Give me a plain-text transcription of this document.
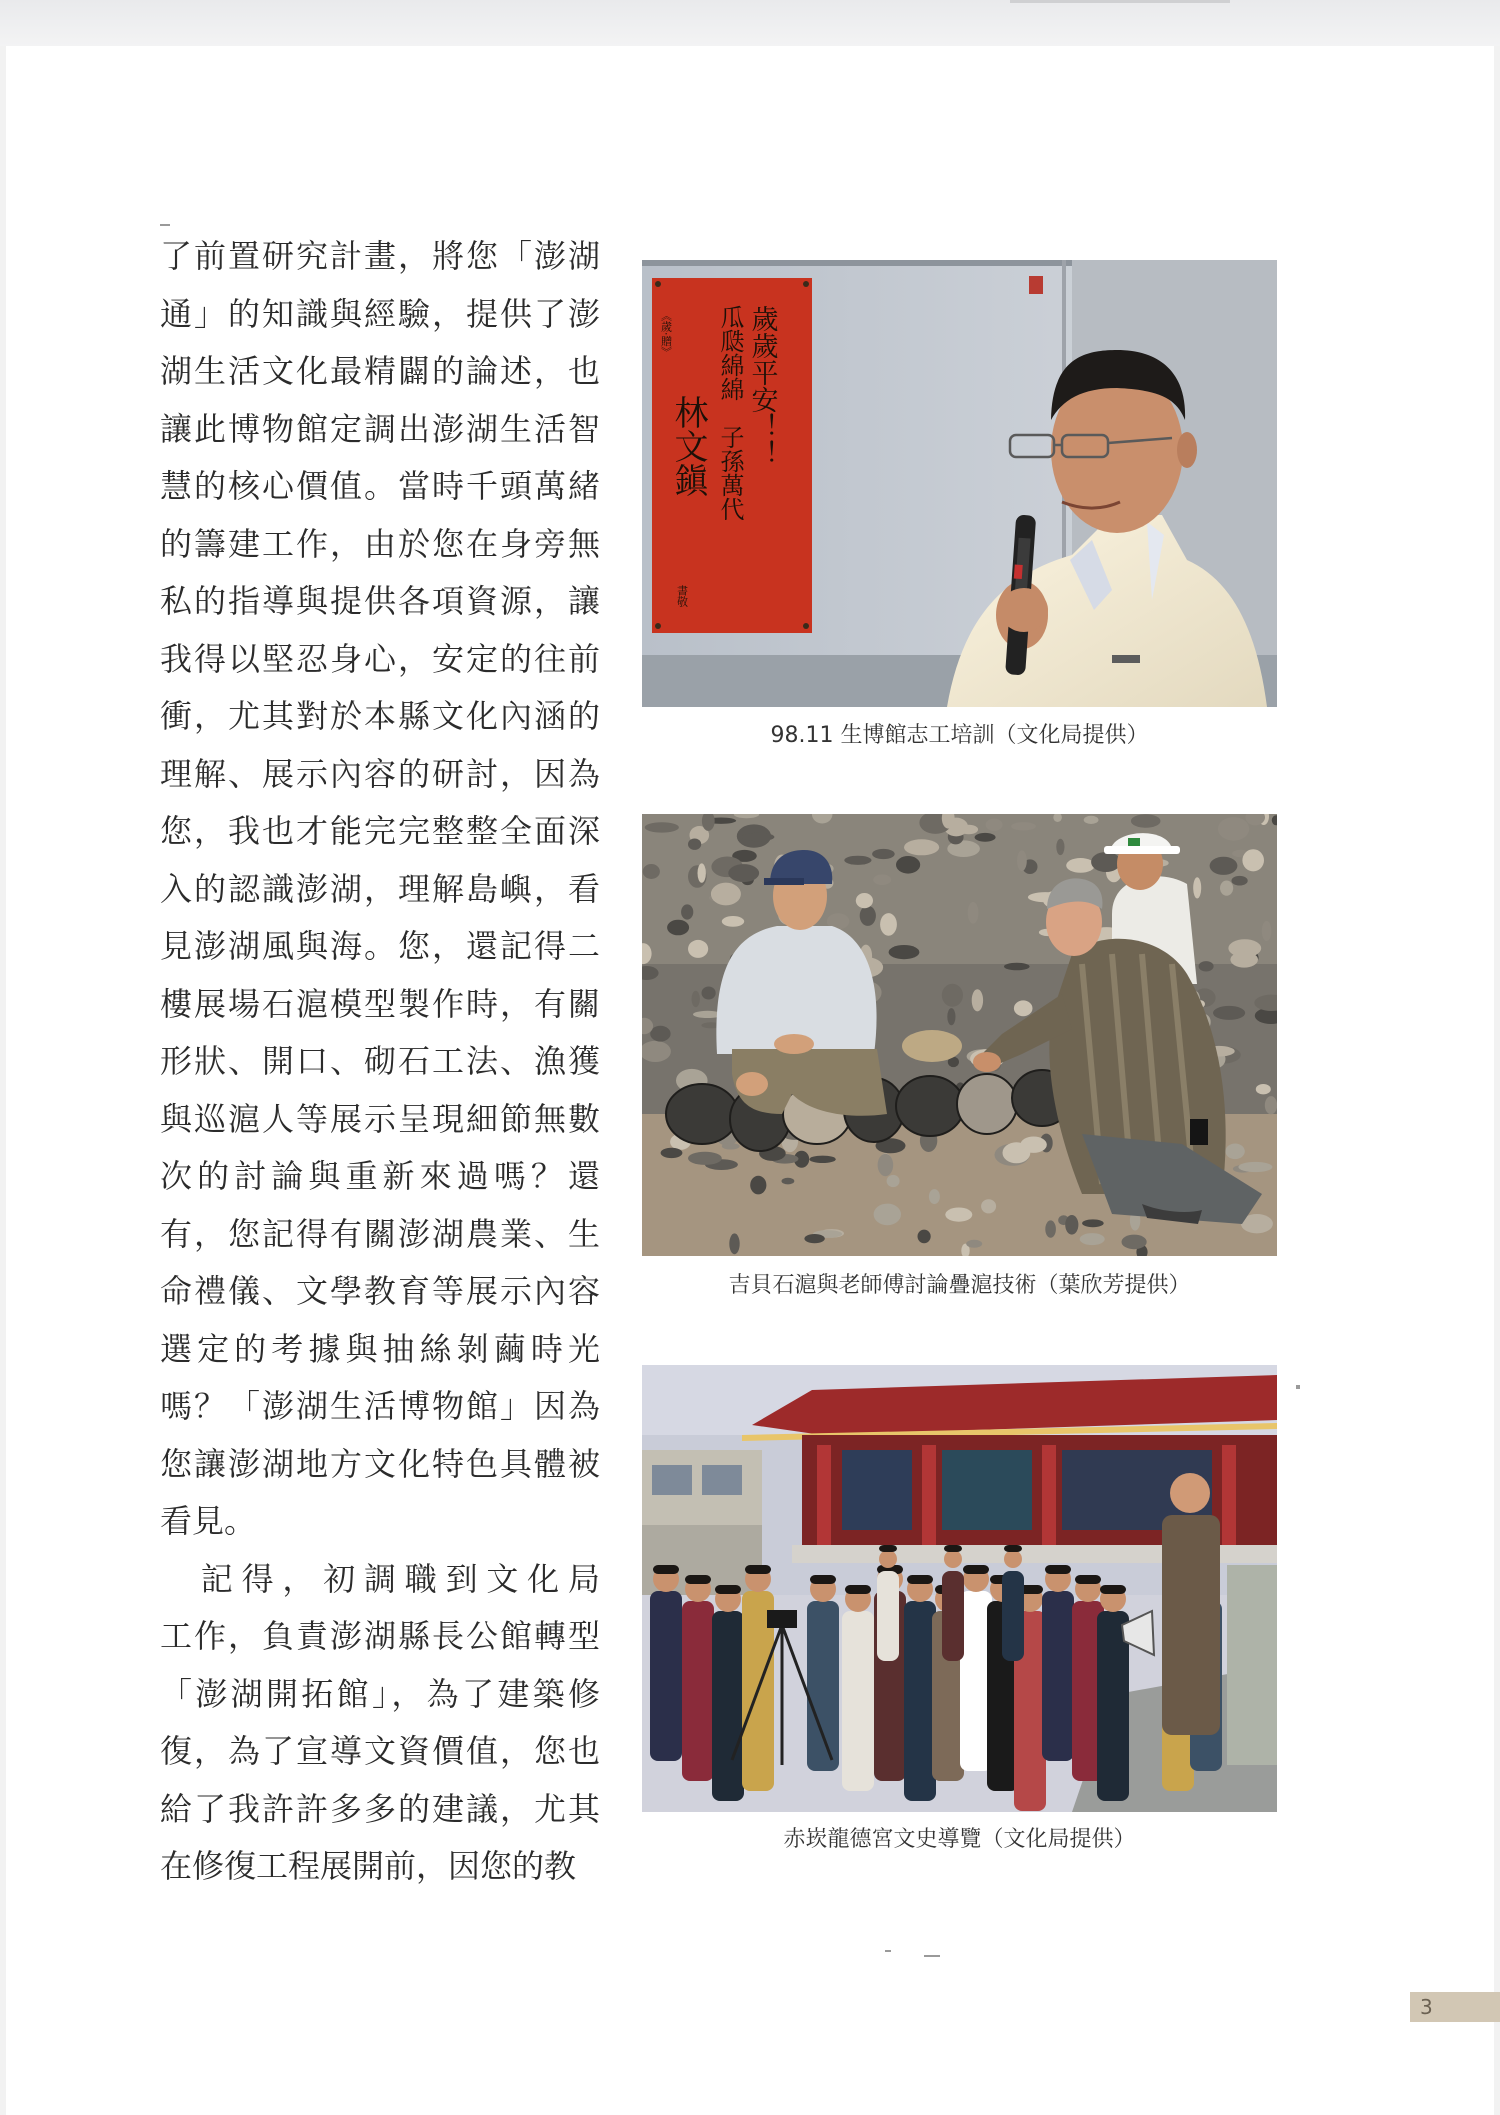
了前置研究計畫，將您「澎湖
通」的知識與經驗，提供了澎
湖生活文化最精闢的論述，也
讓此博物館定調出澎湖生活智
慧的核心價值。當時千頭萬緒
的籌建工作，由於您在身旁無
私的指導與提供各項資源，讓
我得以堅忍身心，安定的往前
衝，尤其對於本縣文化內涵的
理解、展示內容的研討，因為
您，我也才能完完整整全面深
入的認識澎湖，理解島嶼，看
見澎湖風與海。您，還記得二
樓展場石滬模型製作時，有關
形狀、開口、砌石工法、漁獲
與巡滬人等展示呈現細節無數
次的討論與重新來過嗎？還
有，您記得有關澎湖農業、生
命禮儀、文學教育等展示內容
選定的考據與抽絲剝繭時光
嗎？「澎湖生活博物館」因為
您讓澎湖地方文化特色具體被
看見。
　記得，初調職到文化局
工作，負責澎湖縣長公館轉型
「澎湖開拓館」，為了建築修
復，為了宣導文資價值，您也
給了我許許多多的建議，尤其
在修復工程展開前，因您的教
歲歲平安！！
瓜瓞綿綿　子孫萬代
林文鎭
《歲·贈》
書敬
98.11 生博館志工培訓（文化局提供）
吉貝石滬與老師傅討論疊滬技術（葉欣芳提供）
赤崁龍德宮文史導覽（文化局提供）
3
